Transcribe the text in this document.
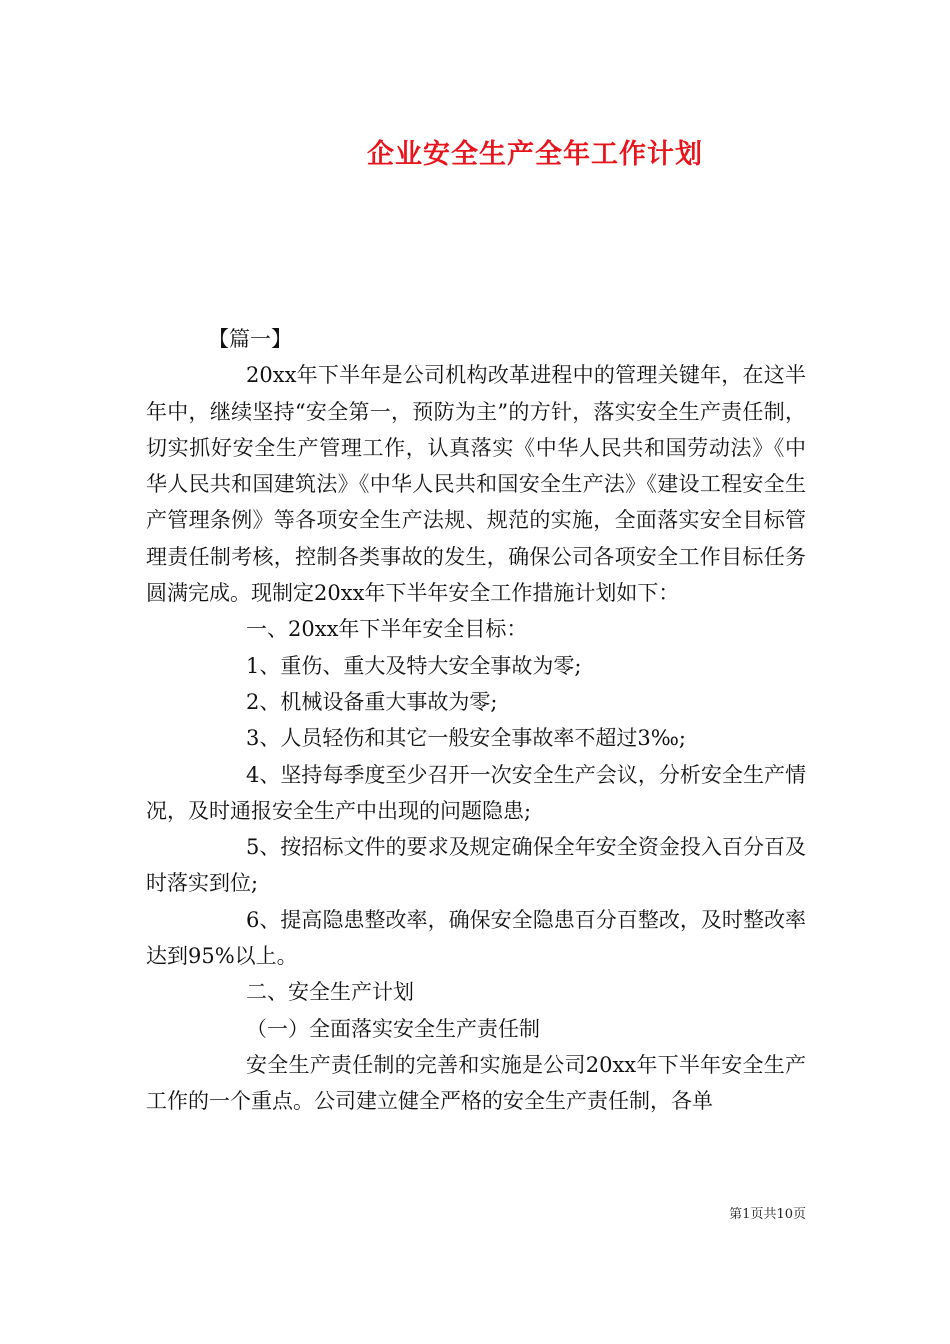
企业安全生产全年工作计划

【篇一】

20xx年下半年是公司机构改革进程中的管理关键年，在这半年中，继续坚持“安全第一，预防为主”的方针，落实安全生产责任制，切实抓好安全生产管理工作，认真落实《中华人民共和国劳动法》《中华人民共和国建筑法》《中华人民共和国安全生产法》《建设工程安全生产管理条例》等各项安全生产法规、规范的实施，全面落实安全目标管理责任制考核，控制各类事故的发生，确保公司各项安全工作目标任务圆满完成。现制定20xx年下半年安全工作措施计划如下：

一、20xx年下半年安全目标：

1、重伤、重大及特大安全事故为零;

2、机械设备重大事故为零;

3、人员轻伤和其它一般安全事故率不超过3‰;

4、坚持每季度至少召开一次安全生产会议，分析安全生产情况，及时通报安全生产中出现的问题隐患;

5、按招标文件的要求及规定确保全年安全资金投入百分百及时落实到位;

6、提高隐患整改率，确保安全隐患百分百整改，及时整改率达到95%以上。

二、安全生产计划

（一）全面落实安全生产责任制

安全生产责任制的完善和实施是公司20xx年下半年安全生产工作的一个重点。公司建立健全严格的安全生产责任制，各单

第1页共10页
